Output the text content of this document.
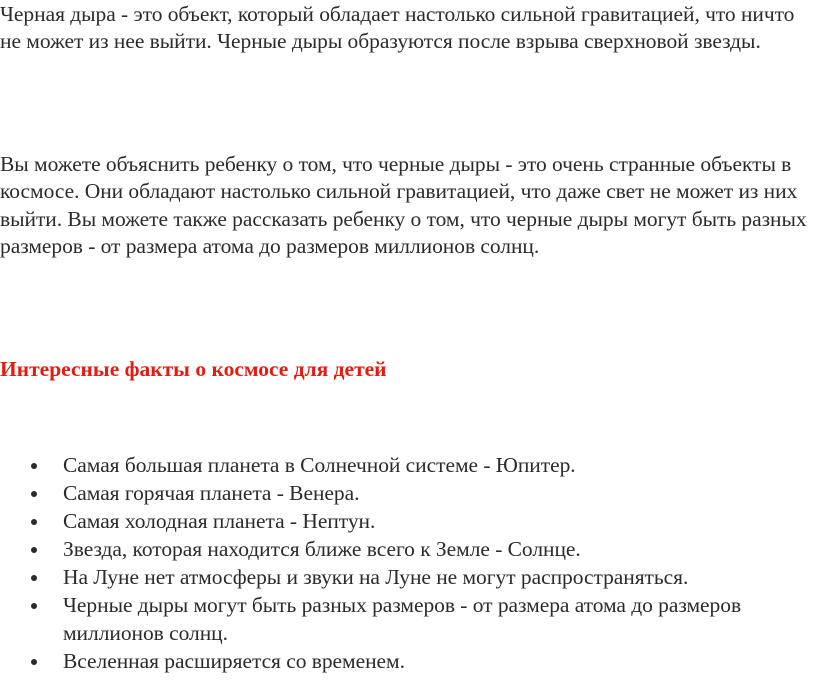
Черная дыра - это объект, который обладает настолько сильной гравитацией, что ничто не может из нее выйти. Черные дыры образуются после взрыва сверхновой звезды.

Вы можете объяснить ребенку о том, что черные дыры - это очень странные объекты в космосе. Они обладают настолько сильной гравитацией, что даже свет не может из них выйти. Вы можете также рассказать ребенку о том, что черные дыры могут быть разных размеров - от размера атома до размеров миллионов солнц.

Интересные факты о космосе для детей
Самая большая планета в Солнечной системе - Юпитер.
Самая горячая планета - Венера.
Самая холодная планета - Нептун.
Звезда, которая находится ближе всего к Земле - Солнце.
На Луне нет атмосферы и звуки на Луне не могут распространяться.
Черные дыры могут быть разных размеров - от размера атома до размеров миллионов солнц.
Вселенная расширяется со временем.
